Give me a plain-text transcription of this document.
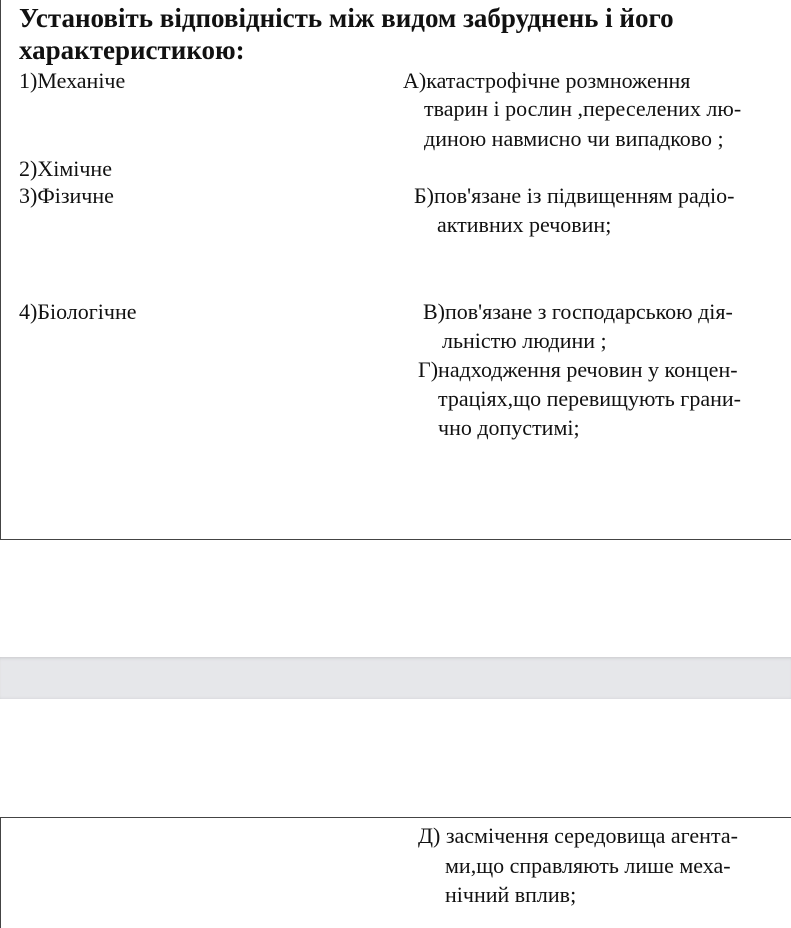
Установіть відповідність між видом забруднень і його характеристикою:
1)Механіче
2)Хімічне
3)Фізичне
4)Біологічне
А)катастрофічне розмноження
тварин і рослин ,переселених лю-
диною навмисно чи випадково ;
Б)пов'язане із підвищенням радіо-
активних речовин;
В)пов'язане з господарською дія-
льністю людини ;
Г)надходження речовин у концен-
траціях,що перевищують грани-
чно допустимі;
Д) засмічення середовища агента-
ми,що справляють лише меха-
нічний вплив;
